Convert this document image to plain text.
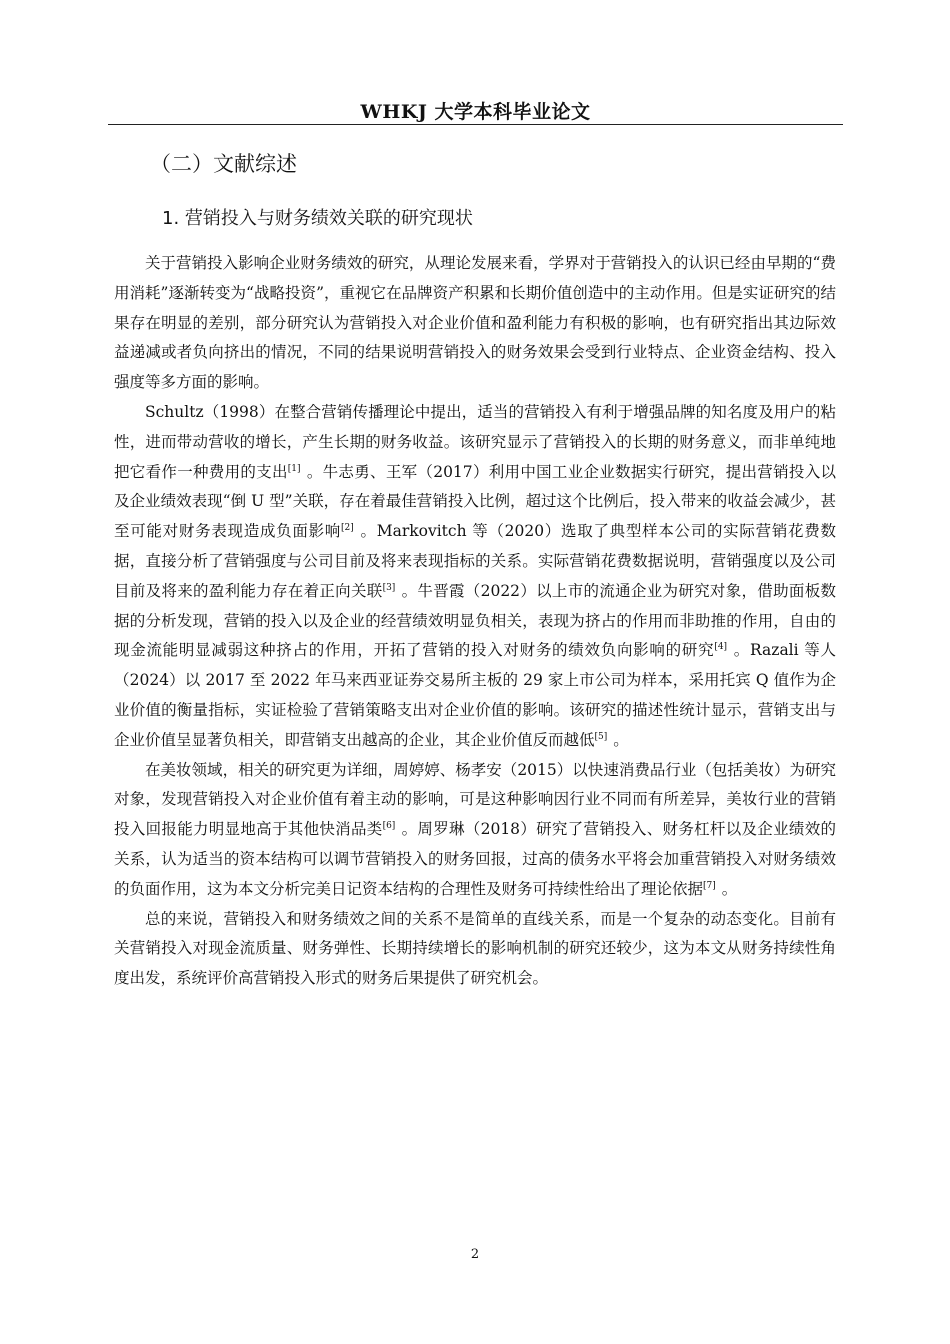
WHKJ 大学本科毕业论文
（二）文献综述
1. 营销投入与财务绩效关联的研究现状

关于营销投入影响企业财务绩效的研究，从理论发展来看，学界对于营销投入的认识已经由早期的“费用消耗”逐渐转变为“战略投资”，重视它在品牌资产积累和长期价值创造中的主动作用。但是实证研究的结果存在明显的差别，部分研究认为营销投入对企业价值和盈利能力有积极的影响，也有研究指出其边际效益递减或者负向挤出的情况，不同的结果说明营销投入的财务效果会受到行业特点、企业资金结构、投入强度等多方面的影响。

Schultz（1998）在整合营销传播理论中提出，适当的营销投入有利于增强品牌的知名度及用户的粘性，进而带动营收的增长，产生长期的财务收益。该研究显示了营销投入的长期的财务意义，而非单纯地把它看作一种费用的支出[1] 。牛志勇、王军（2017）利用中国工业企业数据实行研究，提出营销投入以及企业绩效表现“倒 U 型”关联，存在着最佳营销投入比例，超过这个比例后，投入带来的收益会减少，甚至可能对财务表现造成负面影响[2] 。Markovitch 等（2020）选取了典型样本公司的实际营销花费数据，直接分析了营销强度与公司目前及将来表现指标的关系。实际营销花费数据说明，营销强度以及公司目前及将来的盈利能力存在着正向关联[3] 。牛晋霞（2022）以上市的流通企业为研究对象，借助面板数据的分析发现，营销的投入以及企业的经营绩效明显负相关，表现为挤占的作用而非助推的作用，自由的现金流能明显减弱这种挤占的作用，开拓了营销的投入对财务的绩效负向影响的研究[4] 。Razali 等人（2024）以 2017 至 2022 年马来西亚证券交易所主板的 29 家上市公司为样本，采用托宾 Q 值作为企业价值的衡量指标，实证检验了营销策略支出对企业价值的影响。该研究的描述性统计显示，营销支出与企业价值呈显著负相关，即营销支出越高的企业，其企业价值反而越低[5] 。

在美妆领域，相关的研究更为详细，周婷婷、杨孝安（2015）以快速消费品行业（包括美妆）为研究对象，发现营销投入对企业价值有着主动的影响，可是这种影响因行业不同而有所差异，美妆行业的营销投入回报能力明显地高于其他快消品类[6] 。周罗琳（2018）研究了营销投入、财务杠杆以及企业绩效的关系，认为适当的资本结构可以调节营销投入的财务回报，过高的债务水平将会加重营销投入对财务绩效的负面作用，这为本文分析完美日记资本结构的合理性及财务可持续性给出了理论依据[7] 。

总的来说，营销投入和财务绩效之间的关系不是简单的直线关系，而是一个复杂的动态变化。目前有关营销投入对现金流质量、财务弹性、长期持续增长的影响机制的研究还较少，这为本文从财务持续性角度出发，系统评价高营销投入形式的财务后果提供了研究机会。

2
